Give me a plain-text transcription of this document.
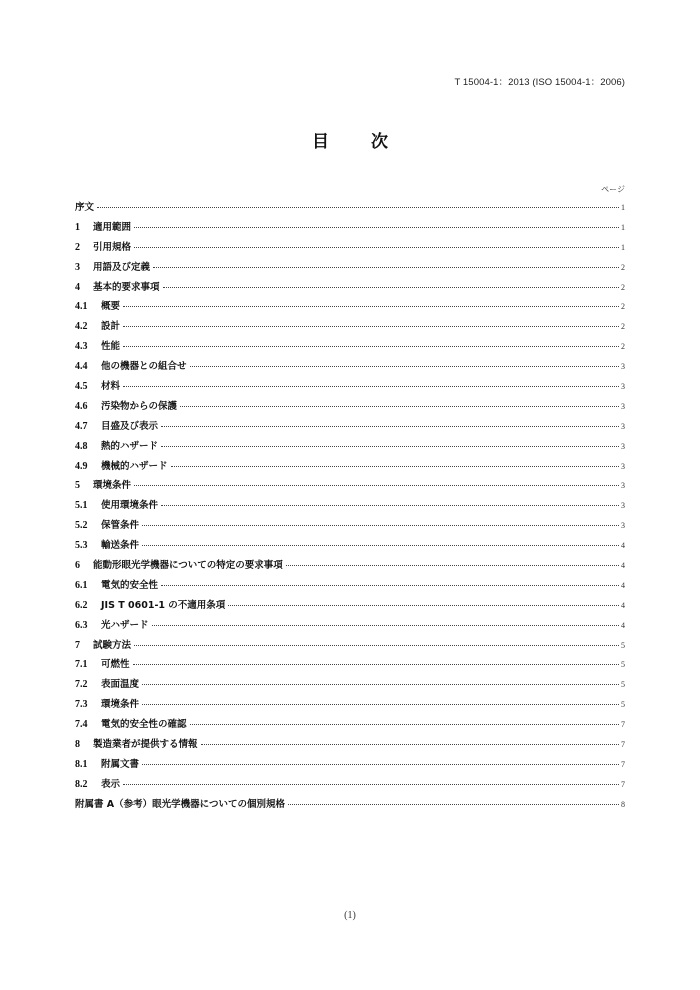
T 15004-1：2013 (ISO 15004-1：2006)
目 次
ページ
序文	1
1	適用範囲	1
2	引用規格	1
3	用語及び定義	2
4	基本的要求事項	2
4.1	概要	2
4.2	設計	2
4.3	性能	2
4.4	他の機器との組合せ	3
4.5	材料	3
4.6	汚染物からの保護	3
4.7	目盛及び表示	3
4.8	熱的ハザード	3
4.9	機械的ハザード	3
5	環境条件	3
5.1	使用環境条件	3
5.2	保管条件	3
5.3	輸送条件	4
6	能動形眼光学機器についての特定の要求事項	4
6.1	電気的安全性	4
6.2	JIS T 0601-1 の不適用条項	4
6.3	光ハザード	4
7	試験方法	5
7.1	可燃性	5
7.2	表面温度	5
7.3	環境条件	5
7.4	電気的安全性の確認	7
8	製造業者が提供する情報	7
8.1	附属文書	7
8.2	表示	7
附属書 A（参考）眼光学機器についての個別規格	8
(1)
